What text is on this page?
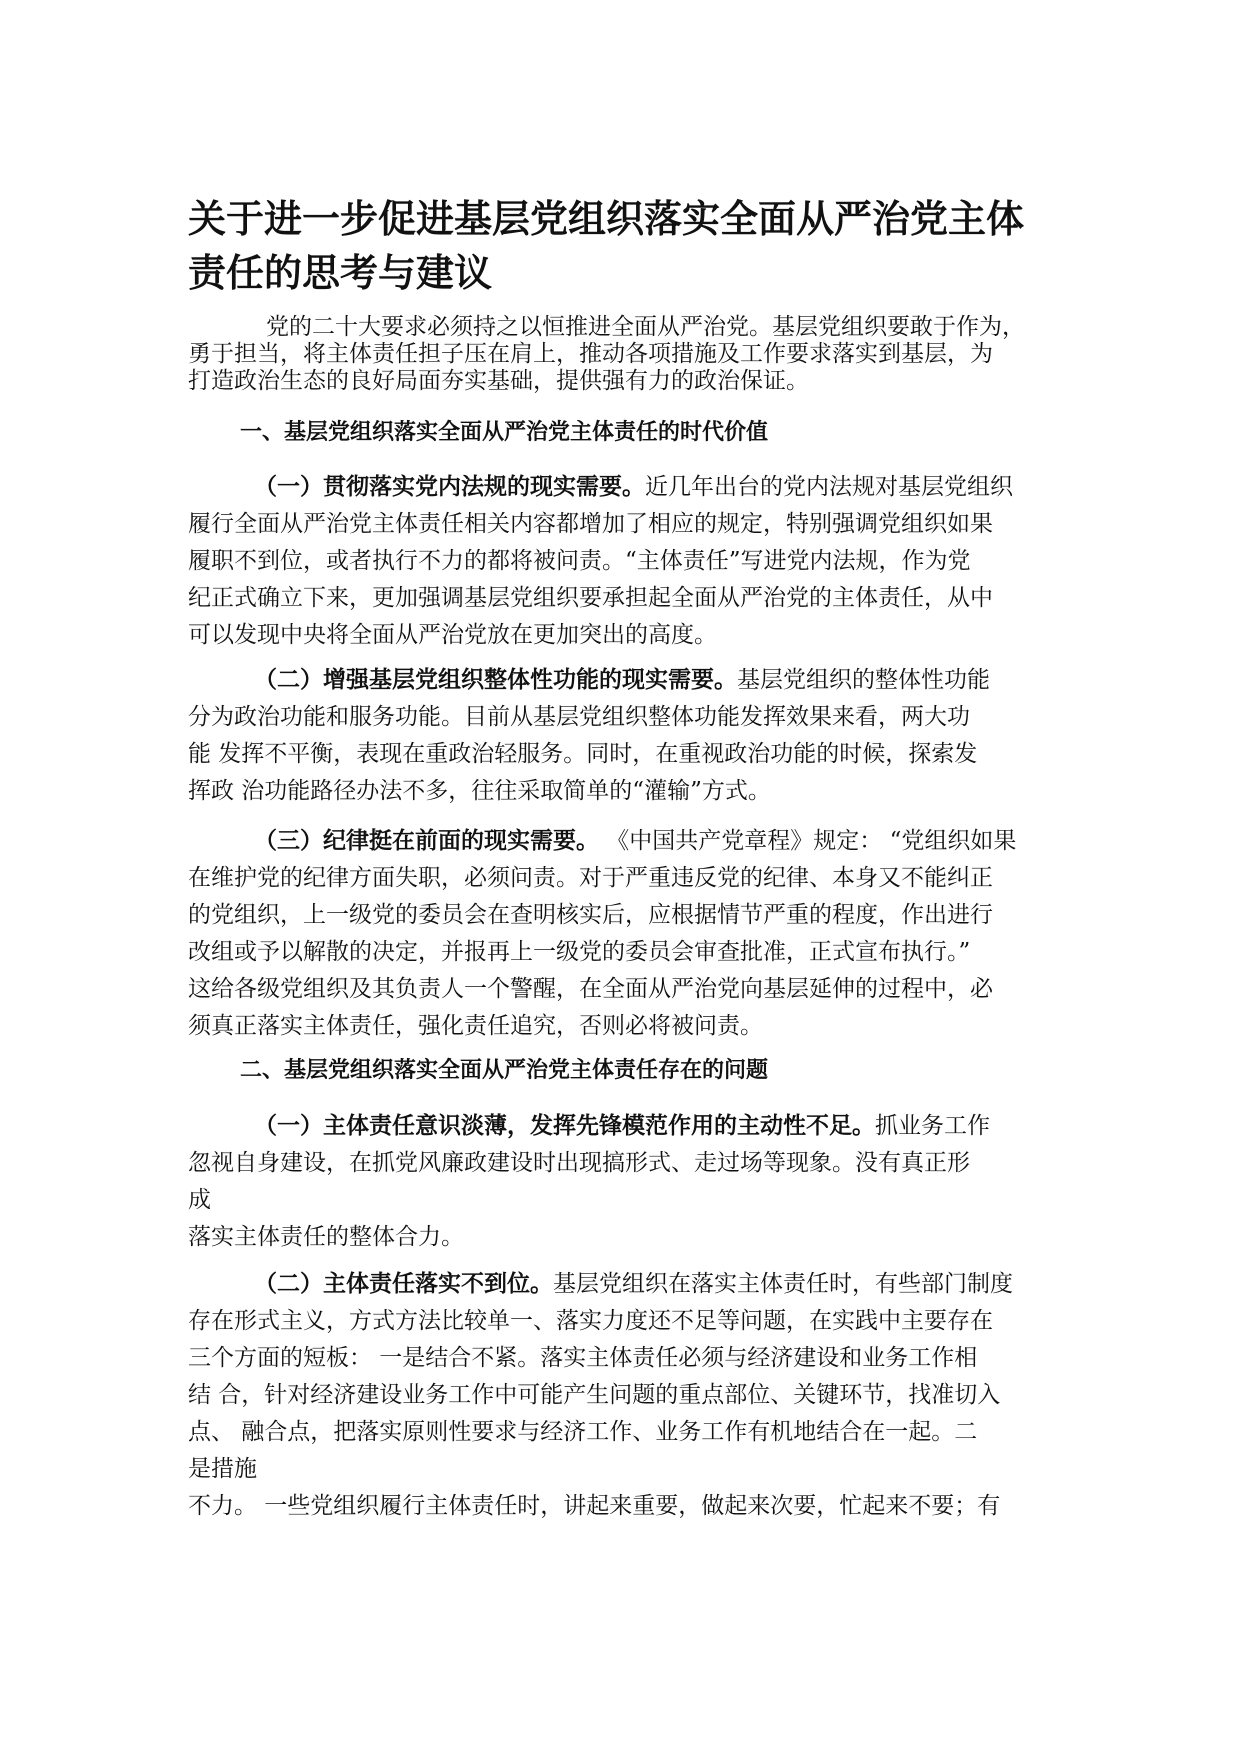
关于进一步促进基层党组织落实全面从严治党主体
责任的思考与建议

党的二十大要求必须持之以恒推进全面从严治党。基层党组织要敢于作为，
勇于担当，将主体责任担子压在肩上，推动各项措施及工作要求落实到基层，为
打造政治生态的良好局面夯实基础，提供强有力的政治保证。

一、基层党组织落实全面从严治党主体责任的时代价值

（一）贯彻落实党内法规的现实需要。近几年出台的党内法规对基层党组织
履行全面从严治党主体责任相关内容都增加了相应的规定，特别强调党组织如果
履职不到位，或者执行不力的都将被问责。“主体责任”写进党内法规，作为党
纪正式确立下来，更加强调基层党组织要承担起全面从严治党的主体责任，从中
可以发现中央将全面从严治党放在更加突出的高度。

（二）增强基层党组织整体性功能的现实需要。基层党组织的整体性功能
分为政治功能和服务功能。目前从基层党组织整体功能发挥效果来看，两大功
能 发挥不平衡，表现在重政治轻服务。同时，在重视政治功能的时候，探索发
挥政 治功能路径办法不多，往往采取简单的“灌输”方式。

（三）纪律挺在前面的现实需要。 《中国共产党章程》规定： “党组织如果
在维护党的纪律方面失职，必须问责。对于严重违反党的纪律、本身又不能纠正
的党组织，上一级党的委员会在查明核实后，应根据情节严重的程度，作出进行
改组或予以解散的决定，并报再上一级党的委员会审查批准，正式宣布执行。”
这给各级党组织及其负责人一个警醒，在全面从严治党向基层延伸的过程中，必
须真正落实主体责任，强化责任追究，否则必将被问责。

二、基层党组织落实全面从严治党主体责任存在的问题

（一）主体责任意识淡薄，发挥先锋模范作用的主动性不足。抓业务工作
忽视自身建设，在抓党风廉政建设时出现搞形式、走过场等现象。没有真正形
成
落实主体责任的整体合力。

（二）主体责任落实不到位。基层党组织在落实主体责任时，有些部门制度
存在形式主义，方式方法比较单一、落实力度还不足等问题，在实践中主要存在
三个方面的短板： 一是结合不紧。落实主体责任必须与经济建设和业务工作相
结 合，针对经济建设业务工作中可能产生问题的重点部位、关键环节，找准切入
点、 融合点，把落实原则性要求与经济工作、业务工作有机地结合在一起。二
是措施
不力。 一些党组织履行主体责任时，讲起来重要，做起来次要，忙起来不要；有
